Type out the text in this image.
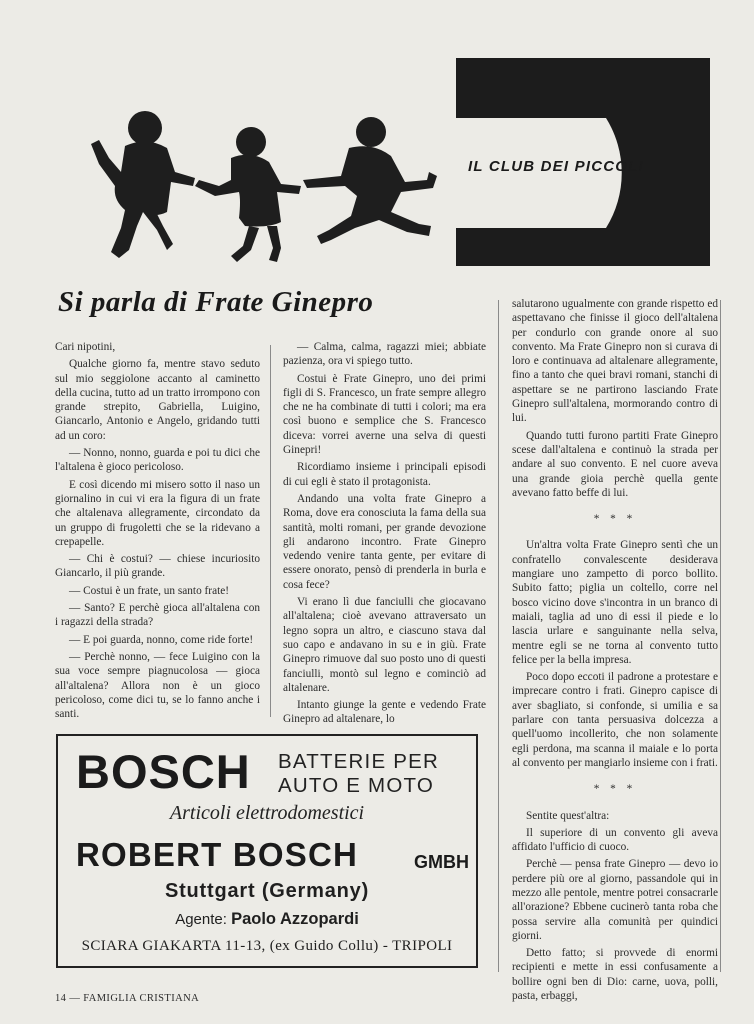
IL CLUB DEI PICCOLI
Si parla di Frate Ginepro

Cari nipotini,

Qualche giorno fa, mentre stavo seduto sul mio seggiolone accanto al caminetto della cucina, tutto ad un tratto irrompono con grande strepito, Gabriella, Luigino, Giancarlo, Antonio e Angelo, gridando tutti ad un coro:

— Nonno, nonno, guarda e poi tu dici che l'altalena è gioco pericoloso.

E così dicendo mi misero sotto il naso un giornalino in cui vi era la figura di un frate che altalenava allegramente, circondato da un gruppo di frugoletti che se la ridevano a crepapelle.

— Chi è costui? — chiese incuriosito Giancarlo, il più grande.

— Costui è un frate, un santo frate!

— Santo? E perchè gioca all'altalena con i ragazzi della strada?

— E poi guarda, nonno, come ride forte!

— Perchè nonno, — fece Luigino con la sua voce sempre piagnucolosa — gioca all'altalena? Allora non è un gioco pericoloso, come dici tu, se lo fanno anche i santi.

— Calma, calma, ragazzi miei; abbiate pazienza, ora vi spiego tutto.

Costui è Frate Ginepro, uno dei primi figli di S. Francesco, un frate sempre allegro che ne ha combinate di tutti i colori; ma era così buono e semplice che S. Francesco diceva: vorrei averne una selva di questi Ginepri!

Ricordiamo insieme i principali episodi di cui egli è stato il protagonista.

Andando una volta frate Ginepro a Roma, dove era conosciuta la fama della sua santità, molti romani, per grande devozione gli andarono incontro. Frate Ginepro vedendo venire tanta gente, per evitare di essere onorato, pensò di prenderla in burla e cosa fece?

Vi erano lì due fanciulli che giocavano all'altalena; cioè avevano attraversato un legno sopra un altro, e ciascuno stava dal suo capo e andavano in su e in giù. Frate Ginepro rimuove dal suo posto uno di questi fanciulli, montò sul legno e cominciò ad altalenare.

Intanto giunge la gente e vedendo Frate Ginepro ad altalenare, lo

salutarono ugualmente con grande rispetto ed aspettavano che finisse il gioco dell'altalena per condurlo con grande onore al suo convento. Ma Frate Ginepro non si curava di loro e continuava ad altalenare allegramente, fino a tanto che quei bravi romani, stanchi di aspettare se ne partirono lasciando Frate Ginepro sull'altalena, mormorando contro di lui.

Quando tutti furono partiti Frate Ginepro scese dall'altalena e continuò la strada per andare al suo convento. E nel cuore aveva una grande gioia perchè quella gente avevano fatto beffe di lui.

* * *

Un'altra volta Frate Ginepro sentì che un confratello convalescente desiderava mangiare uno zampetto di porco bollito. Subito fatto; piglia un coltello, corre nel bosco vicino dove s'incontra in un branco di maiali, taglia ad uno di essi il piede e lo lascia urlare e sanguinante nella selva, mentre egli se ne torna al convento tutto felice per la bella impresa.

Poco dopo eccoti il padrone a protestare e imprecare contro i frati. Ginepro capisce di aver sbagliato, si confonde, si umilia e sa parlare con tanta persuasiva dolcezza a quell'uomo incollerito, che non solamente egli perdona, ma scanna il maiale e lo porta al convento per mangiarlo insieme con i frati.

* * *

Sentite quest'altra:

Il superiore di un convento gli aveva affidato l'ufficio di cuoco.

Perchè — pensa frate Ginepro — devo io perdere più ore al giorno, passandole qui in mezzo alle pentole, mentre potrei consacrarle all'orazione? Ebbene cucinerò tanta roba che possa servire alla comunità per quindici giorni.

Detto fatto; si provvede di enormi recipienti e mette in essi confusamente a bollire ogni ben di Dio: carne, uova, polli, pasta, erbaggi,

BOSCH BATTERIE PER
AUTO E MOTO
Articoli elettrodomestici
ROBERT BOSCH	GMBH
Stuttgart (Germany)
Agente: Paolo Azzopardi
SCIARA GIAKARTA 11-13, (ex Guido Collu) - TRIPOLI
14 — FAMIGLIA CRISTIANA
